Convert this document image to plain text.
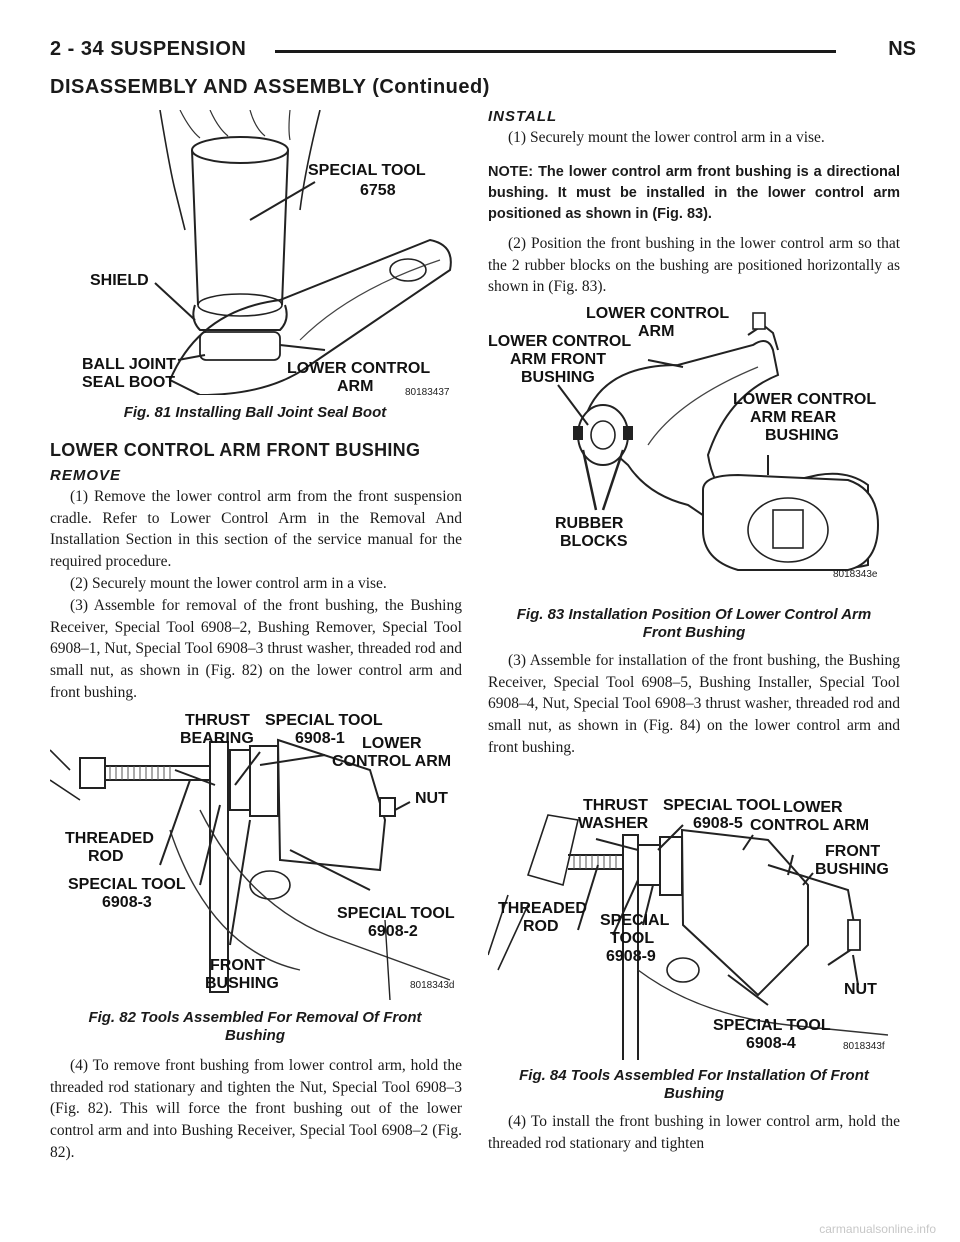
2 - 34 SUSPENSION	NS
DISASSEMBLY AND ASSEMBLY (Continued)
SPECIAL TOOL
6758
SHIELD
BALL JOINT
SEAL BOOT
LOWER CONTROL
ARM	80183437
Fig. 81 Installing Ball Joint Seal Boot
LOWER CONTROL ARM FRONT BUSHING
REMOVE

(1) Remove the lower control arm from the front suspension cradle. Refer to Lower Control Arm in the Removal And Installation Section in this section of the service manual for the required procedure.

(2) Securely mount the lower control arm in a vise.

(3) Assemble for removal of the front bushing, the Bushing Receiver, Special Tool 6908–2, Bushing Remover, Special Tool 6908–1, Nut, Special Tool 6908–3 thrust washer, threaded rod and small nut, as shown in (Fig. 82) on the lower control arm and front bushing.

THRUST
BEARING
SPECIAL TOOL
6908-1 LOWER
CONTROL ARM
NUT
THREADED
ROD
SPECIAL TOOL
6908-3
SPECIAL TOOL
6908-2
FRONT
BUSHING	8018343d
Fig. 82 Tools Assembled For Removal Of Front
Bushing

(4) To remove front bushing from lower control arm, hold the threaded rod stationary and tighten the Nut, Special Tool 6908–3 (Fig. 82). This will force the front bushing out of the lower control arm and into Bushing Receiver, Special Tool 6908–2 (Fig. 82).

INSTALL

(1) Securely mount the lower control arm in a vise.

NOTE: The lower control arm front bushing is a directional bushing. It must be installed in the lower control arm positioned as shown in (Fig. 83).

(2) Position the front bushing in the lower control arm so that the 2 rubber blocks on the bushing are positioned horizontally as shown in (Fig. 83).

LOWER CONTROL
ARM
LOWER CONTROL
ARM FRONT
BUSHING
LOWER CONTROL
ARM REAR
BUSHING
RUBBER
BLOCKS
8018343e
Fig. 83 Installation Position Of Lower Control Arm
Front Bushing

(3) Assemble for installation of the front bushing, the Bushing Receiver, Special Tool 6908–5, Bushing Installer, Special Tool 6908–4, Nut, Special Tool 6908–3 thrust washer, threaded rod and small nut, as shown in (Fig. 84) on the lower control arm and front bushing.

THRUST
WASHER
SPECIAL TOOL
6908-5
LOWER
CONTROL ARM
FRONT
BUSHING
THREADED
ROD	SPECIAL
TOOL
6908-9
NUT
SPECIAL TOOL
6908-4	8018343f
Fig. 84 Tools Assembled For Installation Of Front
Bushing

(4) To install the front bushing in lower control arm, hold the threaded rod stationary and tighten

carmanualsonline.info
